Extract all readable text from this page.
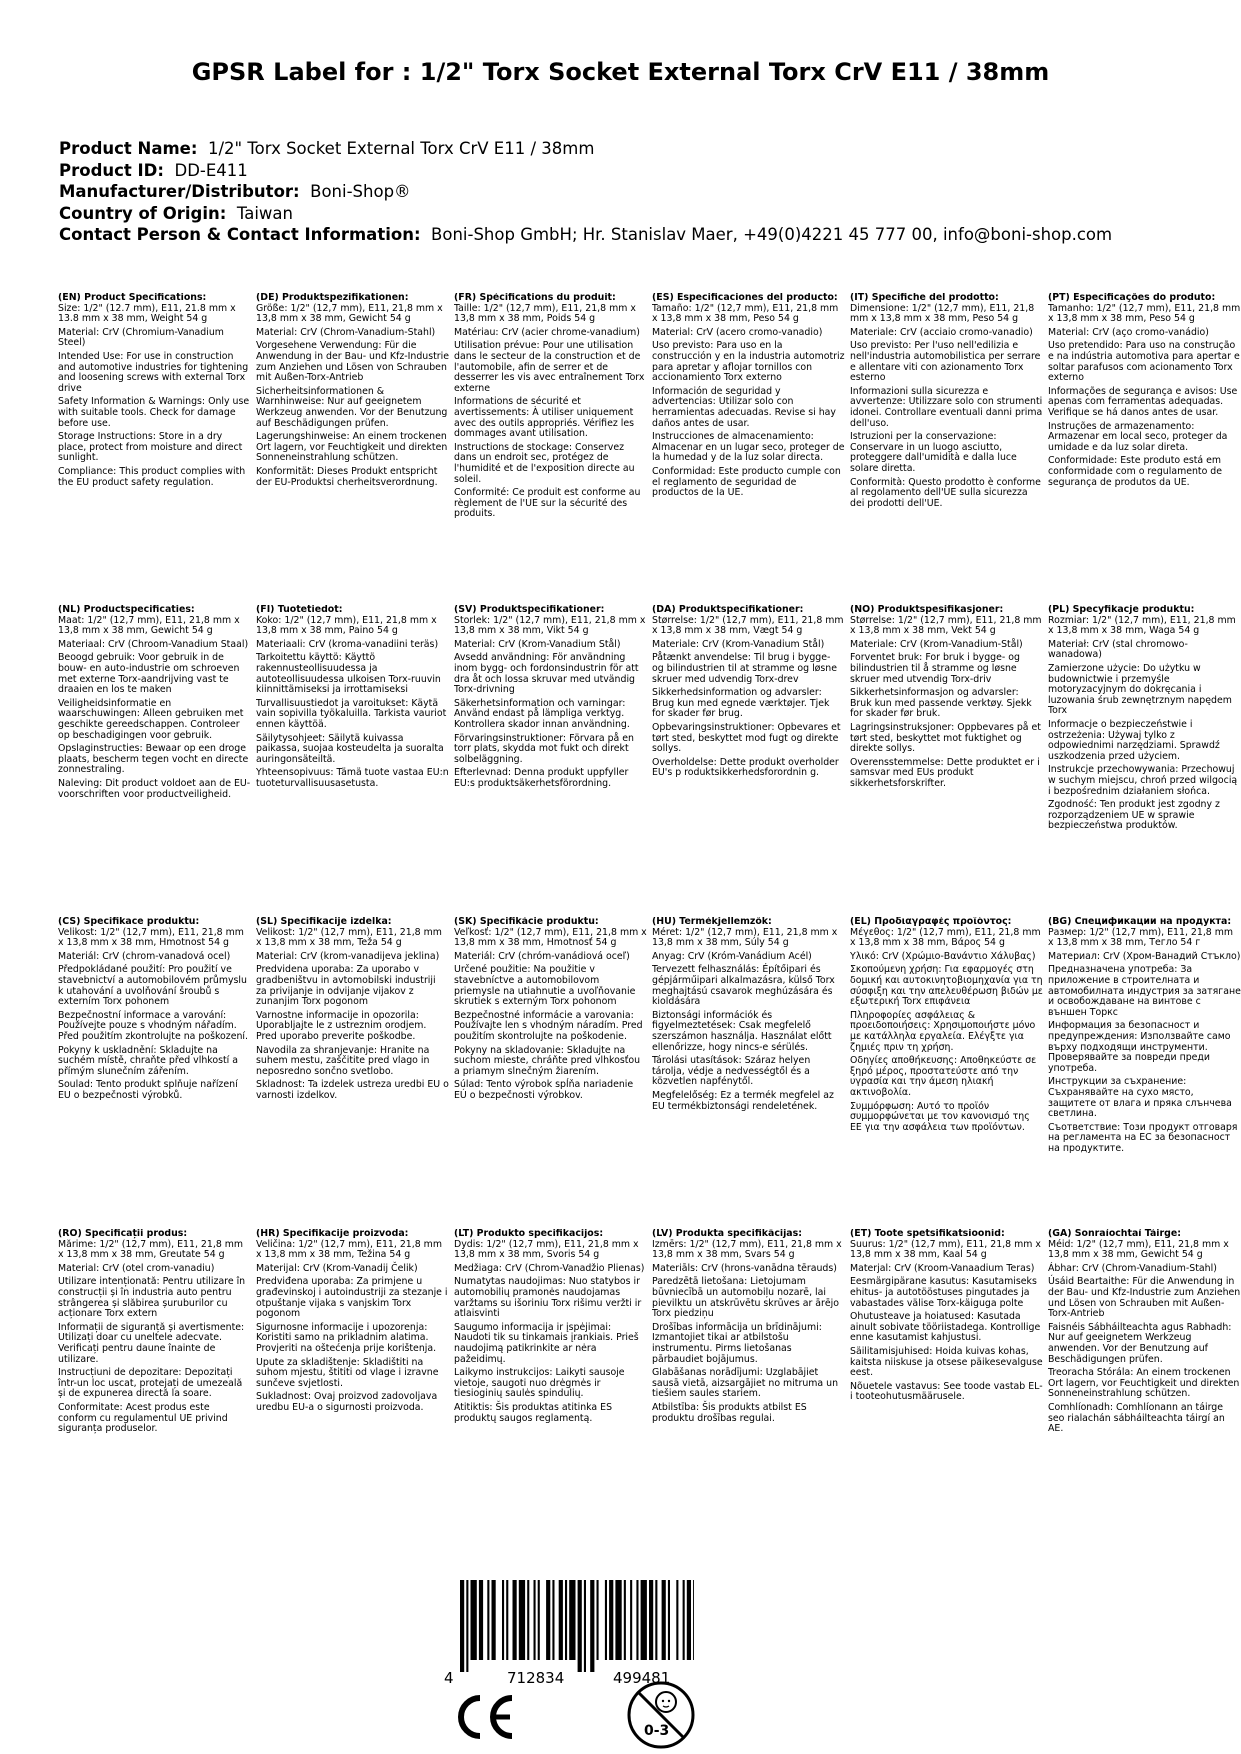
GPSR Label for : 1/2" Torx Socket External Torx CrV E11 / 38mm
Product Name: 1/2" Torx Socket External Torx CrV E11 / 38mm
Product ID: DD-E411
Manufacturer/Distributor: Boni-Shop®
Country of Origin: Taiwan
Contact Person & Contact Information: Boni-Shop GmbH; Hr. Stanislav Maer, +49(0)4221 45 777 00, info@boni-shop.com
(EN) Product Specifications:

Size: 1/2" (12.7 mm), E11, 21.8 mm x 13.8 mm x 38 mm, Weight 54 g

Material: CrV (Chromium-Vanadium Steel)

Intended Use: For use in construction and automotive industries for tightening and loosening screws with external Torx drive

Safety Information & Warnings: Only use with suitable tools. Check for damage before use.

Storage Instructions: Store in a dry place, protect from moisture and direct sunlight.

Compliance: This product complies with the EU product safety regulation.

(DE) Produktspezifikationen:

Größe: 1/2" (12,7 mm), E11, 21,8 mm x 13,8 mm x 38 mm, Gewicht 54 g

Material: CrV (Chrom-Vanadium-Stahl)

Vorgesehene Verwendung: Für die Anwendung in der Bau- und Kfz-Industrie zum Anziehen und Lösen von Schrauben mit Außen-Torx-Antrieb

Sicherheitsinformationen & Warnhinweise: Nur auf geeignetem Werkzeug anwenden. Vor der Benutzung auf Beschädigungen prüfen.

Lagerungshinweise: An einem trockenen Ort lagern, vor Feuchtigkeit und direkten Sonneneinstrahlung schützen.

Konformität: Dieses Produkt entspricht der EU-Produktsi cherheitsverordnung.

(FR) Spécifications du produit:

Taille: 1/2" (12,7 mm), E11, 21,8 mm x 13,8 mm x 38 mm, Poids 54 g

Matériau: CrV (acier chrome-vanadium)

Utilisation prévue: Pour une utilisation dans le secteur de la construction et de l'automobile, afin de serrer et de desserrer les vis avec entraînement Torx externe

Informations de sécurité et avertissements: À utiliser uniquement avec des outils appropriés. Vérifiez les dommages avant utilisation.

Instructions de stockage: Conservez dans un endroit sec, protégez de l'humidité et de l'exposition directe au soleil.

Conformité: Ce produit est conforme au règlement de l'UE sur la sécurité des produits.

(ES) Especificaciones del producto:

Tamaño: 1/2" (12,7 mm), E11, 21,8 mm x 13,8 mm x 38 mm, Peso 54 g

Material: CrV (acero cromo-vanadio)

Uso previsto: Para uso en la construcción y en la industria automotriz para apretar y aflojar tornillos con accionamiento Torx externo

Información de seguridad y advertencias: Utilizar solo con herramientas adecuadas. Revise si hay daños antes de usar.

Instrucciones de almacenamiento: Almacenar en un lugar seco, proteger de la humedad y de la luz solar directa.

Conformidad: Este producto cumple con el reglamento de seguridad de productos de la UE.

(IT) Specifiche del prodotto:

Dimensione: 1/2" (12,7 mm), E11, 21,8 mm x 13,8 mm x 38 mm, Peso 54 g

Materiale: CrV (acciaio cromo-vanadio)

Uso previsto: Per l'uso nell'edilizia e nell'industria automobilistica per serrare e allentare viti con azionamento Torx esterno

Informazioni sulla sicurezza e avvertenze: Utilizzare solo con strumenti idonei. Controllare eventuali danni prima dell'uso.

Istruzioni per la conservazione: Conservare in un luogo asciutto, proteggere dall'umidità e dalla luce solare diretta.

Conformità: Questo prodotto è conforme al regolamento dell'UE sulla sicurezza dei prodotti dell'UE.

(PT) Especificações do produto:

Tamanho: 1/2" (12,7 mm), E11, 21,8 mm x 13,8 mm x 38 mm, Peso 54 g

Material: CrV (aço cromo-vanádio)

Uso pretendido: Para uso na construção e na indústria automotiva para apertar e soltar parafusos com acionamento Torx externo

Informações de segurança e avisos: Use apenas com ferramentas adequadas. Verifique se há danos antes de usar.

Instruções de armazenamento: Armazenar em local seco, proteger da umidade e da luz solar direta.

Conformidade: Este produto está em conformidade com o regulamento de segurança de produtos da UE.

(NL) Productspecificaties:

Maat: 1/2" (12,7 mm), E11, 21,8 mm x 13,8 mm x 38 mm, Gewicht 54 g

Materiaal: CrV (Chroom-Vanadium Staal)

Beoogd gebruik: Voor gebruik in de bouw- en auto-industrie om schroeven met externe Torx-aandrijving vast te draaien en los te maken

Veiligheidsinformatie en waarschuwingen: Alleen gebruiken met geschikte gereedschappen. Controleer op beschadigingen voor gebruik.

Opslaginstructies: Bewaar op een droge plaats, bescherm tegen vocht en directe zonnestraling.

Naleving: Dit product voldoet aan de EU-voorschriften voor productveiligheid.

(FI) Tuotetiedot:

Koko: 1/2" (12,7 mm), E11, 21,8 mm x 13,8 mm x 38 mm, Paino 54 g

Materiaali: CrV (kroma-vanadiini teräs)

Tarkoitettu käyttö: Käyttö rakennusteollisuudessa ja autoteollisuudessa ulkoisen Torx-ruuvin kiinnittämiseksi ja irrottamiseksi

Turvallisuustiedot ja varoitukset: Käytä vain sopivilla työkaluilla. Tarkista vauriot ennen käyttöä.

Säilytysohjeet: Säilytä kuivassa paikassa, suojaa kosteudelta ja suoralta auringonsäteiltä.

Yhteensopivuus: Tämä tuote vastaa EU:n tuoteturvallisuusasetusta.

(SV) Produktspecifikationer:

Storlek: 1/2" (12,7 mm), E11, 21,8 mm x 13,8 mm x 38 mm, Vikt 54 g

Material: CrV (Krom-Vanadium Stål)

Avsedd användning: För användning inom bygg- och fordonsindustrin för att dra åt och lossa skruvar med utvändig Torx-drivning

Säkerhetsinformation och varningar: Använd endast på lämpliga verktyg. Kontrollera skador innan användning.

Förvaringsinstruktioner: Förvara på en torr plats, skydda mot fukt och direkt solbeläggning.

Efterlevnad: Denna produkt uppfyller EU:s produktsäkerhetsförordning.

(DA) Produktspecifikationer:

Størrelse: 1/2" (12,7 mm), E11, 21,8 mm x 13,8 mm x 38 mm, Vægt 54 g

Materiale: CrV (Krom-Vanadium Stål)

Påtænkt anvendelse: Til brug i bygge- og bilindustrien til at stramme og løsne skruer med udvendig Torx-drev

Sikkerhedsinformation og advarsler: Brug kun med egnede værktøjer. Tjek for skader før brug.

Opbevaringsinstruktioner: Opbevares et tørt sted, beskyttet mod fugt og direkte sollys.

Overholdelse: Dette produkt overholder EU's p roduktsikkerhedsforordnin g.

(NO) Produktspesifikasjoner:

Størrelse: 1/2" (12,7 mm), E11, 21,8 mm x 13,8 mm x 38 mm, Vekt 54 g

Materiale: CrV (Krom-Vanadium-Stål)

Forventet bruk: For bruk i bygge- og bilindustrien til å stramme og løsne skruer med utvendig Torx-driv

Sikkerhetsinformasjon og advarsler: Bruk kun med passende verktøy. Sjekk for skader før bruk.

Lagringsinstruksjoner: Oppbevares på et tørt sted, beskyttet mot fuktighet og direkte sollys.

Overensstemmelse: Dette produktet er i samsvar med EUs produkt sikkerhetsforskrifter.

(PL) Specyfikacje produktu:

Rozmiar: 1/2" (12,7 mm), E11, 21,8 mm x 13,8 mm x 38 mm, Waga 54 g

Materiał: CrV (stal chromowo-wanadowa)

Zamierzone użycie: Do użytku w budownictwie i przemyśle motoryzacyjnym do dokręcania i luzowania śrub zewnętrznym napędem Torx

Informacje o bezpieczeństwie i ostrzeżenia: Używaj tylko z odpowiednimi narzędziami. Sprawdź uszkodzenia przed użyciem.

Instrukcje przechowywania: Przechowuj w suchym miejscu, chroń przed wilgocią i bezpośrednim działaniem słońca.

Zgodność: Ten produkt jest zgodny z rozporządzeniem UE w sprawie bezpieczeństwa produktów.

(CS) Specifikace produktu:

Velikost: 1/2" (12,7 mm), E11, 21,8 mm x 13,8 mm x 38 mm, Hmotnost 54 g

Materiál: CrV (chrom-vanadová ocel)

Předpokládané použití: Pro použití ve stavebnictví a automobilovém průmyslu k utahování a uvolňování šroubů s externím Torx pohonem

Bezpečnostní informace a varování: Používejte pouze s vhodným nářadím. Před použitím zkontrolujte na poškození.

Pokyny k uskladnění: Skladujte na suchém místě, chraňte před vlhkostí a přímým slunečním zářením.

Soulad: Tento produkt splňuje nařízení EU o bezpečnosti výrobků.

(SL) Specifikacije izdelka:

Velikost: 1/2" (12,7 mm), E11, 21,8 mm x 13,8 mm x 38 mm, Teža 54 g

Material: CrV (krom-vanadijeva jeklina)

Predvidena uporaba: Za uporabo v gradbeništvu in avtomobilski industriji za privijanje in odvijanje vijakov z zunanjim Torx pogonom

Varnostne informacije in opozorila: Uporabljajte le z ustreznim orodjem. Pred uporabo preverite poškodbe.

Navodila za shranjevanje: Hranite na suhem mestu, zaščitite pred vlago in neposredno sončno svetlobo.

Skladnost: Ta izdelek ustreza uredbi EU o varnosti izdelkov.

(SK) Špecifikácie produktu:

Veľkosť: 1/2" (12,7 mm), E11, 21,8 mm x 13,8 mm x 38 mm, Hmotnosť 54 g

Materiál: CrV (chróm-vanádiová oceľ)

Určené použitie: Na použitie v stavebníctve a automobilovom priemysle na utiahnutie a uvoľňovanie skrutiek s externým Torx pohonom

Bezpečnostné informácie a varovania: Používajte len s vhodným náradím. Pred použitím skontrolujte na poškodenie.

Pokyny na skladovanie: Skladujte na suchom mieste, chráňte pred vlhkosťou a priamym slnečným žiarením.

Súlad: Tento výrobok spĺňa nariadenie EÚ o bezpečnosti výrobkov.

(HU) Termékjellemzők:

Méret: 1/2" (12,7 mm), E11, 21,8 mm x 13,8 mm x 38 mm, Súly 54 g

Anyag: CrV (Króm-Vanádium Acél)

Tervezett felhasználás: Építőipari és gépjárműipari alkalmazásra, külső Torx meghajtású csavarok meghúzására és kioldására

Biztonsági információk és figyelmeztetések: Csak megfelelő szerszámon használja. Használat előtt ellenőrizze, hogy nincs-e sérülés.

Tárolási utasítások: Száraz helyen tárolja, védje a nedvességtől és a közvetlen napfénytől.

Megfelelőség: Ez a termék megfelel az EU termékbiztonsági rendeletének.

(EL) Προδιαγραφές προϊόντος:

Μέγεθος: 1/2" (12,7 mm), E11, 21,8 mm x 13,8 mm x 38 mm, Βάρος 54 g

Υλικό: CrV (Χρώμιο-Βανάντιο Χάλυβας)

Σκοπούμενη χρήση: Για εφαρμογές στη δομική και αυτοκινητοβιομηχανία για τη σύσφιξη και την απελευθέρωση βιδών με εξωτερική Torx επιφάνεια

Πληροφορίες ασφάλειας & προειδοποιήσεις: Χρησιμοποιήστε μόνο με κατάλληλα εργαλεία. Ελέγξτε για ζημιές πριν τη χρήση.

Οδηγίες αποθήκευσης: Αποθηκεύστε σε ξηρό μέρος, προστατεύστε από την υγρασία και την άμεση ηλιακή ακτινοβολία.

Συμμόρφωση: Αυτό το προϊόν συμμορφώνεται με τον κανονισμό της ΕΕ για την ασφάλεια των προϊόντων.

(BG) Спецификации на продукта:

Размер: 1/2" (12,7 mm), E11, 21,8 mm x 13,8 mm x 38 mm, Тегло 54 г

Материал: CrV (Хром-Ванадий Стъкло)

Предназначена употреба: За приложение в строителната и автомобилната индустрия за затягане и освобождаване на винтове с външен Торкс

Информация за безопасност и предупреждения: Използвайте само върху подходящи инструменти. Проверявайте за повреди преди употреба.

Инструкции за съхранение: Съхранявайте на сухо място, защитете от влага и пряка слънчева светлина.

Съответствие: Този продукт отговаря на регламента на ЕС за безопасност на продуктите.

(RO) Specificații produs:

Mărime: 1/2" (12,7 mm), E11, 21,8 mm x 13,8 mm x 38 mm, Greutate 54 g

Material: CrV (otel crom-vanadiu)

Utilizare intenționată: Pentru utilizare în construcții și în industria auto pentru strângerea și slăbirea șuruburilor cu acționare Torx extern

Informații de siguranță și avertismente: Utilizați doar cu uneltele adecvate. Verificați pentru daune înainte de utilizare.

Instrucțiuni de depozitare: Depozitați într-un loc uscat, protejați de umezeală și de expunerea directă la soare.

Conformitate: Acest produs este conform cu regulamentul UE privind siguranța produselor.

(HR) Specifikacije proizvoda:

Veličina: 1/2" (12,7 mm), E11, 21,8 mm x 13,8 mm x 38 mm, Težina 54 g

Materijal: CrV (Krom-Vanadij Čelik)

Predviđena uporaba: Za primjene u građevinskoj i autoindustriji za stezanje i otpuštanje vijaka s vanjskim Torx pogonom

Sigurnosne informacije i upozorenja: Koristiti samo na prikladnim alatima. Provjeriti na oštećenja prije korištenja.

Upute za skladištenje: Skladištiti na suhom mjestu, štititi od vlage i izravne sunčeve svjetlosti.

Sukladnost: Ovaj proizvod zadovoljava uredbu EU-a o sigurnosti proizvoda.

(LT) Produkto specifikacijos:

Dydis: 1/2" (12,7 mm), E11, 21,8 mm x 13,8 mm x 38 mm, Svoris 54 g

Medžiaga: CrV (Chrom-Vanadžio Plienas)

Numatytas naudojimas: Nuo statybos ir automobilių pramonės naudojamas varžtams su išoriniu Torx rišimu veržti ir atlaisvinti

Saugumo informacija ir įspėjimai: Naudoti tik su tinkamais įrankiais. Prieš naudojimą patikrinkite ar nėra pažeidimų.

Laikymo instrukcijos: Laikyti sausoje vietoje, saugoti nuo drėgmės ir tiesioginių saulės spindulių.

Atitiktis: Šis produktas atitinka ES produktų saugos reglamentą.

(LV) Produkta specifikācijas:

Izmērs: 1/2" (12,7 mm), E11, 21,8 mm x 13,8 mm x 38 mm, Svars 54 g

Materiāls: CrV (hrons-vanādna tērauds)

Paredzētā lietošana: Lietojumam būvniecībā un automobiļu nozarē, lai pievilktu un atskrūvētu skrūves ar ārējo Torx piedziņu

Drošības informācija un brīdinājumi: Izmantojiet tikai ar atbilstošu instrumentu. Pirms lietošanas pārbaudiet bojājumus.

Glabāšanas norādījumi: Uzglabājiet sausā vietā, aizsargājiet no mitruma un tiešiem saules stariem.

Atbilstība: Šis produkts atbilst ES produktu drošības regulai.

(ET) Toote spetsifikatsioonid:

Suurus: 1/2" (12,7 mm), E11, 21,8 mm x 13,8 mm x 38 mm, Kaal 54 g

Materjal: CrV (Kroom-Vanaadium Teras)

Eesmärgipärane kasutus: Kasutamiseks ehitus- ja autotööstuses pingutades ja vabastades välise Torx-käiguga polte

Ohutusteave ja hoiatused: Kasutada ainult sobivate tööriistadega. Kontrollige enne kasutamist kahjustusi.

Säilitamisjuhised: Hoida kuivas kohas, kaitsta niiskuse ja otsese päikesevalguse eest.

Nõuetele vastavus: See toode vastab EL-i tooteohutusmäärusele.

(GA) Sonraíochtaí Táirge:

Méid: 1/2" (12,7 mm), E11, 21,8 mm x 13,8 mm x 38 mm, Gewicht 54 g

Ábhar: CrV (Chrom-Vanadium-Stahl)

Úsáid Beartaithe: Für die Anwendung in der Bau- und Kfz-Industrie zum Anziehen und Lösen von Schrauben mit Außen-Torx-Antrieb

Faisnéis Sábháilteachta agus Rabhadh: Nur auf geeignetem Werkzeug anwenden. Vor der Benutzung auf Beschädigungen prüfen.

Treoracha Stórála: An einem trockenen Ort lagern, vor Feuchtigkeit und direkten Sonneneinstrahlung schützen.

Comhlíonadh: Comhlíonann an táirge seo rialachán sábháilteachta táirgí an AE.

4	712834	499481
0-3
